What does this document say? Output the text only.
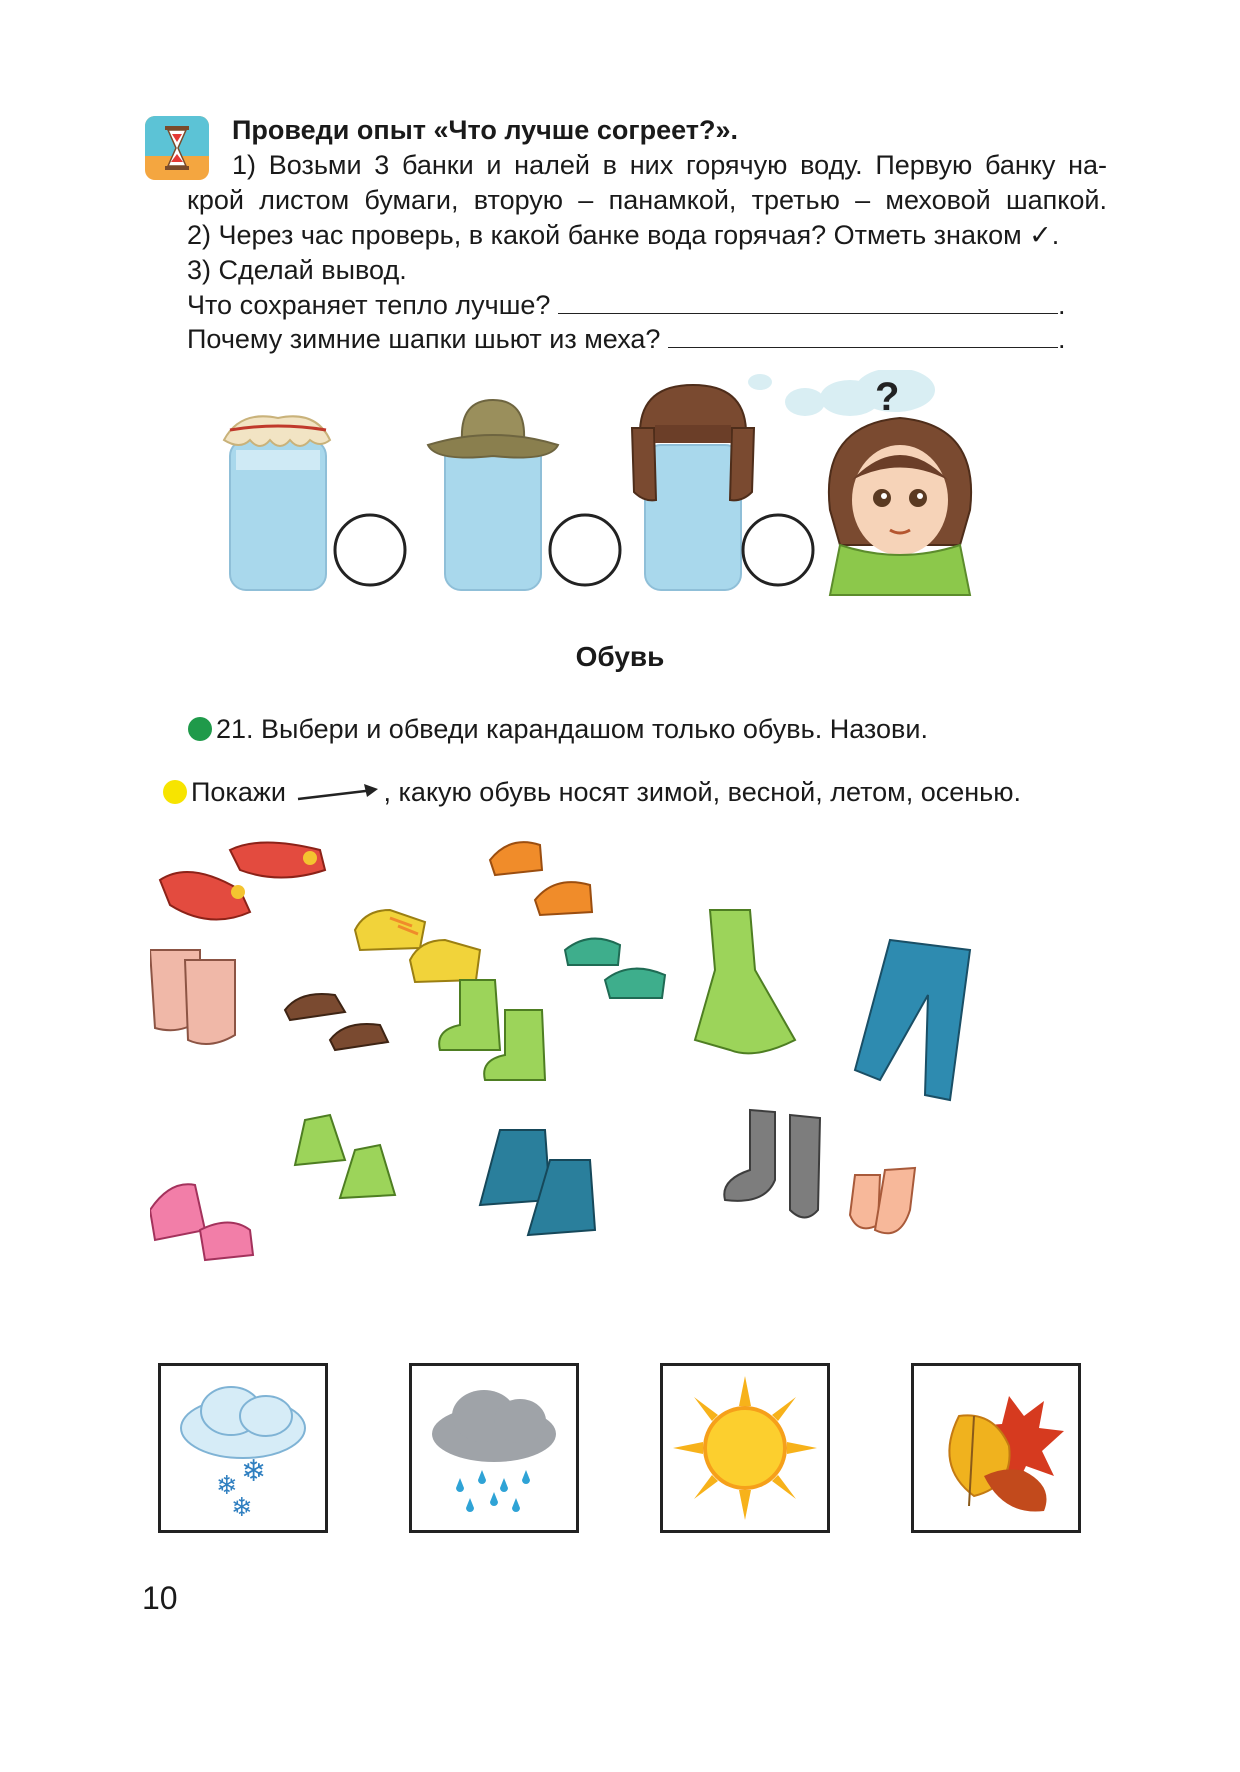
Проведи опыт «Что лучше согреет?».
1) Возьми 3 банки и налей в них горячую воду. Первую банку на-
крой листом бумаги, вторую – панамкой, третью – меховой шапкой.
2) Через час проверь, в какой банке вода горячая? Отметь знаком ✓.
3) Сделай вывод.
Что сохраняет тепло лучше?	.
Почему зимние шапки шьют из меха?	.
?
Обувь
21. Выбери и обведи карандашом только обувь. Назови.
Покажи	, какую обувь носят зимой, весной, летом, осенью.
❄ ❄
❄
10
